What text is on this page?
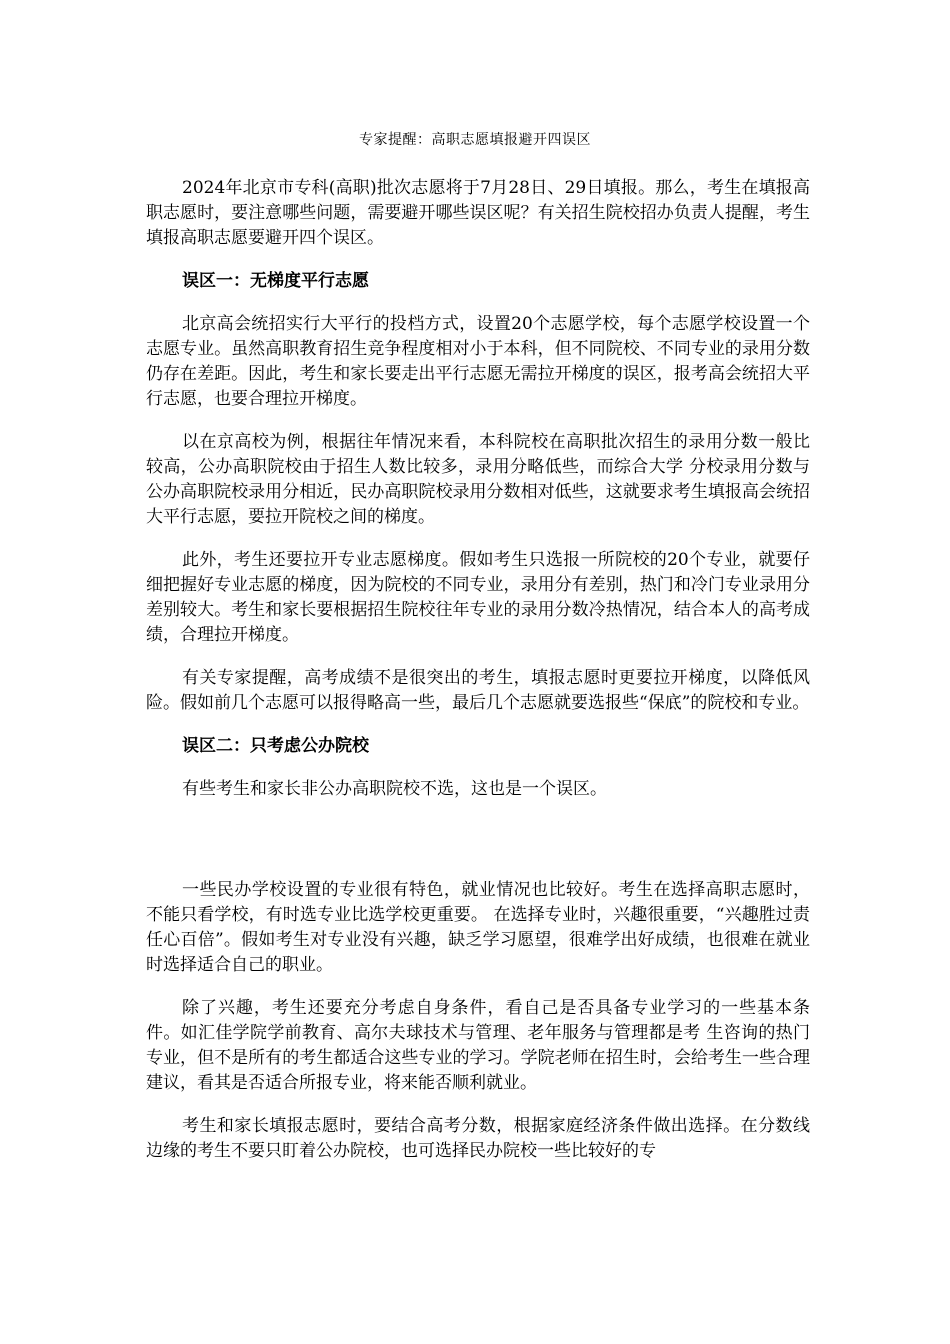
专家提醒：高职志愿填报避开四误区

2024年北京市专科(高职)批次志愿将于7月28日、29日填报。那么，考生在填报高职志愿时，要注意哪些问题，需要避开哪些误区呢？有关招生院校招办负责人提醒，考生填报高职志愿要避开四个误区。

误区一：无梯度平行志愿

北京高会统招实行大平行的投档方式，设置20个志愿学校，每个志愿学校设置一个志愿专业。虽然高职教育招生竞争程度相对小于本科，但不同院校、不同专业的录用分数仍存在差距。因此，考生和家长要走出平行志愿无需拉开梯度的误区，报考高会统招大平行志愿，也要合理拉开梯度。

以在京高校为例，根据往年情况来看，本科院校在高职批次招生的录用分数一般比较高，公办高职院校由于招生人数比较多，录用分略低些，而综合大学 分校录用分数与公办高职院校录用分相近，民办高职院校录用分数相对低些，这就要求考生填报高会统招大平行志愿，要拉开院校之间的梯度。

此外，考生还要拉开专业志愿梯度。假如考生只选报一所院校的20个专业，就要仔细把握好专业志愿的梯度，因为院校的不同专业，录用分有差别，热门和冷门专业录用分差别较大。考生和家长要根据招生院校往年专业的录用分数冷热情况，结合本人的高考成绩，合理拉开梯度。

有关专家提醒，高考成绩不是很突出的考生，填报志愿时更要拉开梯度，以降低风险。假如前几个志愿可以报得略高一些，最后几个志愿就要选报些“保底”的院校和专业。

误区二：只考虑公办院校

有些考生和家长非公办高职院校不选，这也是一个误区。

一些民办学校设置的专业很有特色，就业情况也比较好。考生在选择高职志愿时，不能只看学校，有时选专业比选学校更重要。 在选择专业时，兴趣很重要，“兴趣胜过责任心百倍”。假如考生对专业没有兴趣，缺乏学习愿望，很难学出好成绩，也很难在就业时选择适合自己的职业。

除了兴趣，考生还要充分考虑自身条件，看自己是否具备专业学习的一些基本条件。如汇佳学院学前教育、高尔夫球技术与管理、老年服务与管理都是考 生咨询的热门专业，但不是所有的考生都适合这些专业的学习。学院老师在招生时，会给考生一些合理建议，看其是否适合所报专业，将来能否顺利就业。

考生和家长填报志愿时，要结合高考分数，根据家庭经济条件做出选择。在分数线边缘的考生不要只盯着公办院校，也可选择民办院校一些比较好的专
